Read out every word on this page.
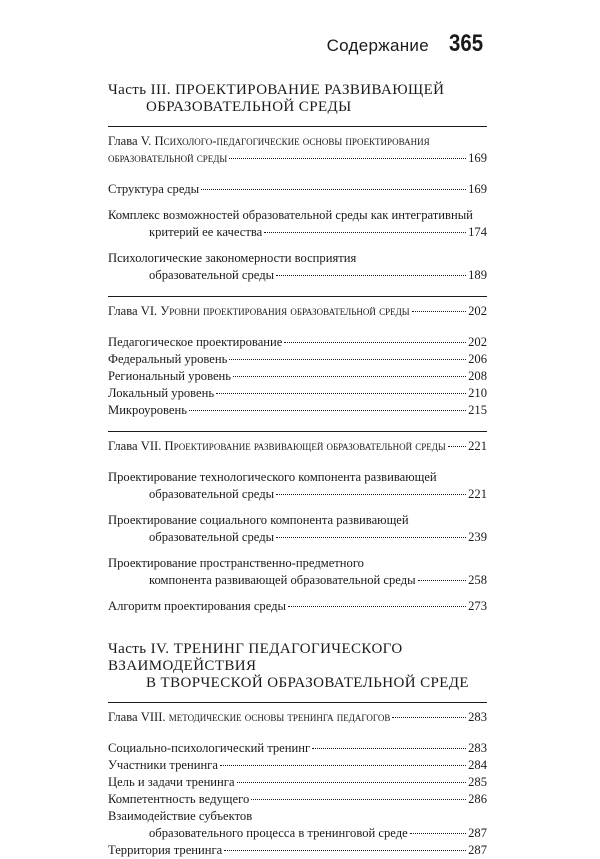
Содержание 365
Часть III. ПРОЕКТИРОВАНИЕ РАЗВИВАЮЩЕЙ
ОБРАЗОВАТЕЛЬНОЙ СРЕДЫ
Глава V. Психолого-педагогические основы проектирования
образовательной среды	169
Структура среды	169
Комплекс возможностей образовательной среды как интегративный
критерий ее качества	174
Психологические закономерности восприятия
образовательной среды	189
Глава VI. Уровни проектирования образовательной среды	202
Педагогическое проектирование	202
Федеральный уровень	206
Региональный уровень	208
Локальный уровень	210
Микроуровень	215
Глава VII. Проектирование развивающей образовательной среды 221
Проектирование технологического компонента развивающей
образовательной среды	221
Проектирование социального компонента развивающей
образовательной среды	239
Проектирование пространственно-предметного
компонента развивающей образовательной среды	258
Алгоритм проектирования среды	273
Часть IV. ТРЕНИНГ ПЕДАГОГИЧЕСКОГО ВЗАИМОДЕЙСТВИЯ
В ТВОРЧЕСКОЙ ОБРАЗОВАТЕЛЬНОЙ СРЕДЕ
Глава VIII. методические основы тренинга педагогов	283
Социально-психологический тренинг	283
Участники тренинга	284
Цель и задачи тренинга	285
Компетентность ведущего	286
Взаимодействие субъектов
образовательного процесса в тренинговой среде	287
Территория тренинга	287
